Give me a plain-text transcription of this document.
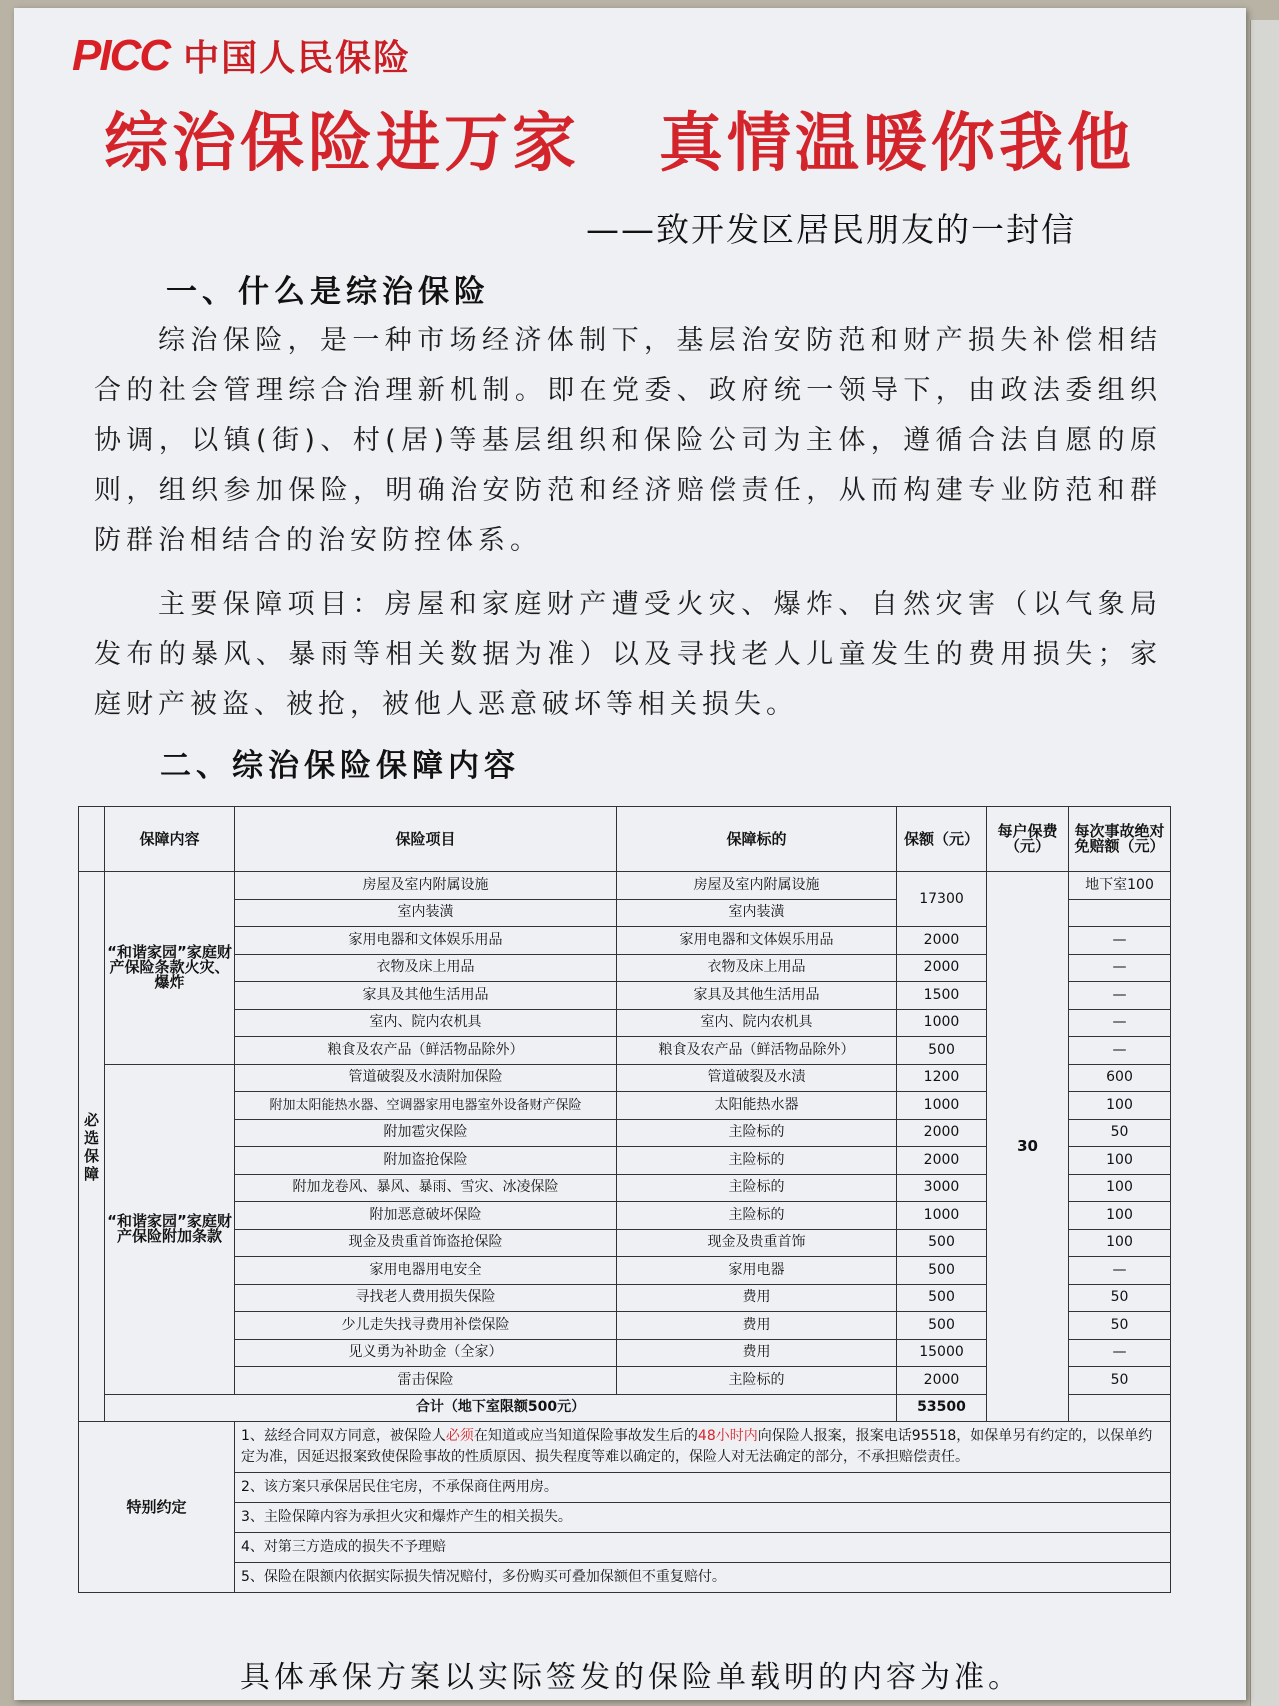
PICC 中国人民保险
综治保险进万家   真情温暖你我他
——致开发区居民朋友的一封信
一、什么是综治保险
综治保险，是一种市场经济体制下，基层治安防范和财产损失补偿相结合的社会管理综合治理新机制。即在党委、政府统一领导下，由政法委组织协调，以镇(街)、村(居)等基层组织和保险公司为主体，遵循合法自愿的原则，组织参加保险，明确治安防范和经济赔偿责任，从而构建专业防范和群防群治相结合的治安防控体系。
主要保障项目：房屋和家庭财产遭受火灾、爆炸、自然灾害（以气象局发布的暴风、暴雨等相关数据为准）以及寻找老人儿童发生的费用损失；家庭财产被盗、被抢，被他人恶意破坏等相关损失。
二、综治保险保障内容
	保障内容	保险项目	保障标的	保额（元）	每户保费（元）	每次事故绝对免赔额（元）
必选保障	“和谐家园”家庭财产保险条款火灾、爆炸	房屋及室内附属设施	房屋及室内附属设施	17300	30	地下室100
		室内装潢	室内装潢			
		家用电器和文体娱乐用品	家用电器和文体娱乐用品	2000		—
		衣物及床上用品	衣物及床上用品	2000		—
		家具及其他生活用品	家具及其他生活用品	1500		—
		室内、院内农机具	室内、院内农机具	1000		—
		粮食及农产品（鲜活物品除外）	粮食及农产品（鲜活物品除外）	500		—
	“和谐家园”家庭财产保险附加条款	管道破裂及水渍附加保险	管道破裂及水渍	1200		600
		附加太阳能热水器、空调器家用电器室外设备财产保险	太阳能热水器	1000		100
		附加雹灾保险	主险标的	2000		50
		附加盗抢保险	主险标的	2000		100
		附加龙卷风、暴风、暴雨、雪灾、冰凌保险	主险标的	3000		100
		附加恶意破坏保险	主险标的	1000		100
		现金及贵重首饰盗抢保险	现金及贵重首饰	500		100
		家用电器用电安全	家用电器	500		—
		寻找老人费用损失保险	费用	500		50
		少儿走失找寻费用补偿保险	费用	500		50
		见义勇为补助金（全家）	费用	15000		—
		雷击保险	主险标的	2000		50
	合计（地下室限额500元）			53500		
特别约定		1、兹经合同双方同意，被保险人必须在知道或应当知道保险事故发生后的48小时内向保险人报案，报案电话95518，如保单另有约定的，以保单约定为准，因延迟报案致使保险事故的性质原因、损失程度等难以确定的，保险人对无法确定的部分，不承担赔偿责任。				
		2、该方案只承保居民住宅房，不承保商住两用房。				
		3、主险保障内容为承担火灾和爆炸产生的相关损失。				
		4、对第三方造成的损失不予理赔				
		5、保险在限额内依据实际损失情况赔付，多份购买可叠加保额但不重复赔付。				
具体承保方案以实际签发的保险单载明的内容为准。
